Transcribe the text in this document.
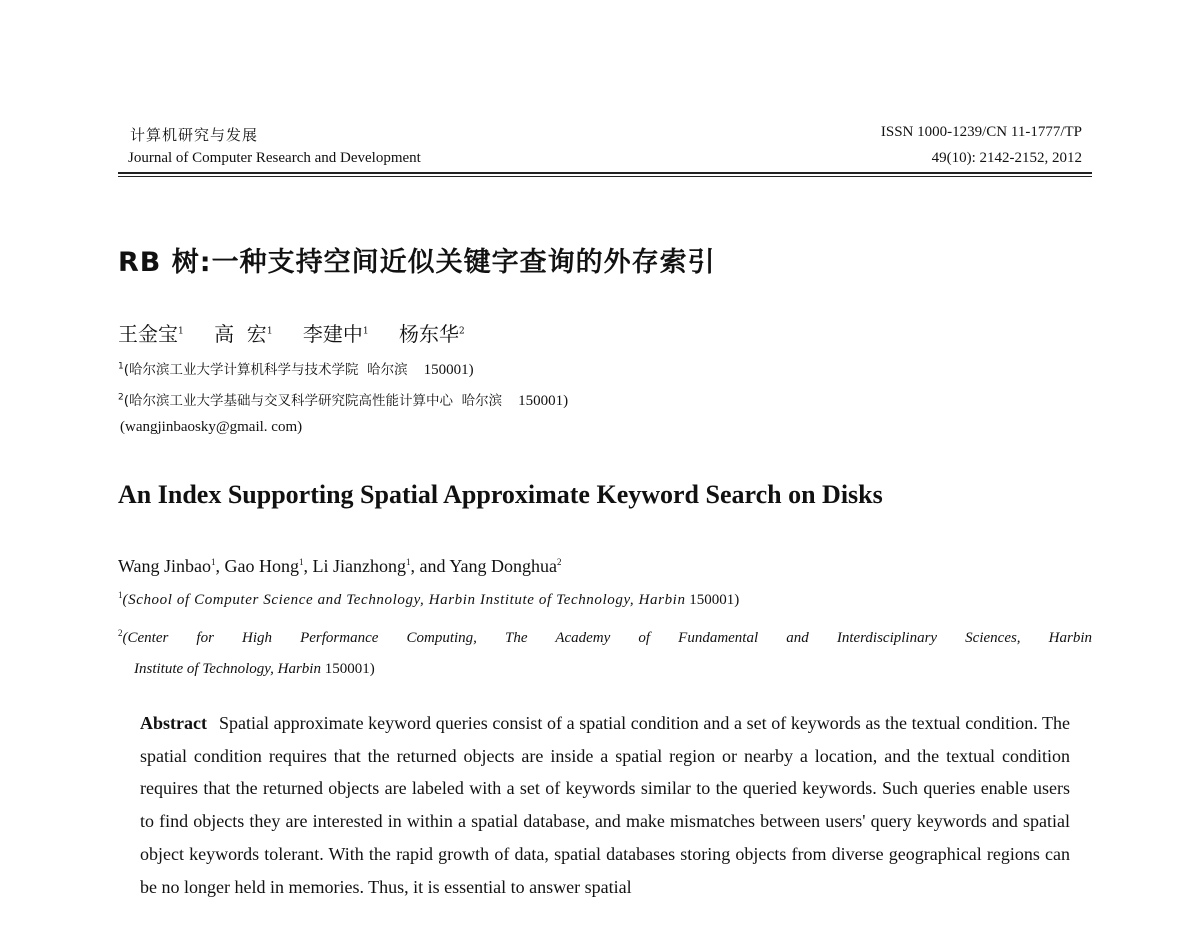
计算机研究与发展
Journal of Computer Research and Development
ISSN 1000-1239/CN 11-1777/TP
49(10): 2142-2152, 2012
RB 树:一种支持空间近似关键字查询的外存索引
王金宝$^1$ 高  宏$^1$ 李建中$^1$ 杨东华$^2$
$^1$(哈尔滨工业大学计算机科学与技术学院  哈尔滨 150001)
$^2$(哈尔滨工业大学基础与交叉科学研究院高性能计算中心  哈尔滨 150001)
(wangjinbaosky@gmail. com)
An Index Supporting Spatial Approximate Keyword Search on Disks
Wang Jinbao$^1$, Gao Hong$^1$, Li Jianzhong$^1$, and Yang Donghua$^2$
$^1$(School of Computer Science and Technology, Harbin Institute of Technology, Harbin 150001)
$^2$(Center for High Performance Computing, The Academy of Fundamental and Interdisciplinary Sciences, Harbin
Institute of Technology, Harbin 150001)
Abstract Spatial approximate keyword queries consist of a spatial condition and a set of keywords as the textual condition. The spatial condition requires that the returned objects are inside a spatial region or nearby a location, and the textual condition requires that the returned objects are labeled with a set of keywords similar to the queried keywords. Such queries enable users to find objects they are interested in within a spatial database, and make mismatches between users' query keywords and spatial object keywords tolerant. With the rapid growth of data, spatial databases storing objects from diverse geographical regions can be no longer held in memories. Thus, it is essential to answer spatial
